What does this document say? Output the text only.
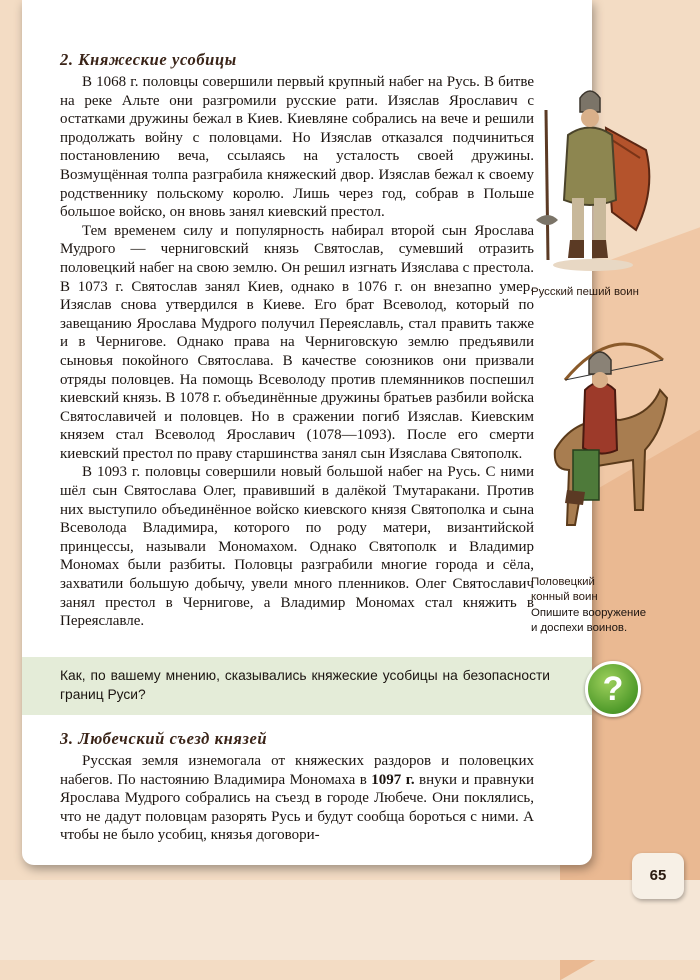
2. Княжеские усобицы

В 1068 г. половцы совершили первый крупный набег на Русь. В битве на реке Альте они разгромили русские рати. Изяслав Ярославич с остатками дружины бежал в Киев. Киевляне собрались на вече и решили продолжать войну с половцами. Но Изяслав отказался подчиниться постановлению веча, ссылаясь на усталость своей дружины. Возмущённая толпа разграбила княжеский двор. Изяслав бежал к своему родственнику польскому королю. Лишь через год, собрав в Польше большое войско, он вновь занял киевский престол.

Тем временем силу и популярность набирал второй сын Ярослава Мудрого — черниговский князь Святослав, сумевший отразить половецкий набег на свою землю. Он решил изгнать Изяслава с престола. В 1073 г. Святослав занял Киев, однако в 1076 г. он внезапно умер. Изяслав снова утвердился в Киеве. Его брат Всеволод, который по завещанию Ярослава Мудрого получил Переяславль, стал править также и в Чернигове. Однако права на Черниговскую землю предъявили сыновья покойного Святослава. В качестве союзников они призвали отряды половцев. На помощь Всеволоду против племянников поспешил киевский князь. В 1078 г. объединённые дружины братьев разбили войска Святославичей и половцев. Но в сражении погиб Изяслав. Киевским князем стал Всеволод Ярославич (1078—1093). После его смерти киевский престол по праву старшинства занял сын Изяслава Святополк.

В 1093 г. половцы совершили новый большой набег на Русь. С ними шёл сын Святослава Олег, правивший в далёкой Тмутаракани. Против них выступило объединённое войско киевского князя Святополка и сына Всеволода Владимира, которого по роду матери, византийской принцессы, называли Мономахом. Однако Святополк и Владимир Мономах были разбиты. Половцы разграбили многие города и сёла, захватили большую добычу, увели много пленников. Олег Святославич занял престол в Чернигове, а Владимир Мономах стал княжить в Переяславле.

3. Любечский съезд князей

Русская земля изнемогала от княжеских раздоров и половецких набегов. По настоянию Владимира Мономаха в 1097 г. внуки и правнуки Ярослава Мудрого собрались на съезд в городе Любече. Они поклялись, что не дадут половцам разорять Русь и будут сообща бороться с ними. А чтобы не было усобиц, князья договори-

Как, по вашему мнению, сказывались княжеские усобицы на безопасности границ Руси?	?
Русский пеший воин
Половецкий
конный воин
Опишите вооружение
и доспехи воинов.
65
